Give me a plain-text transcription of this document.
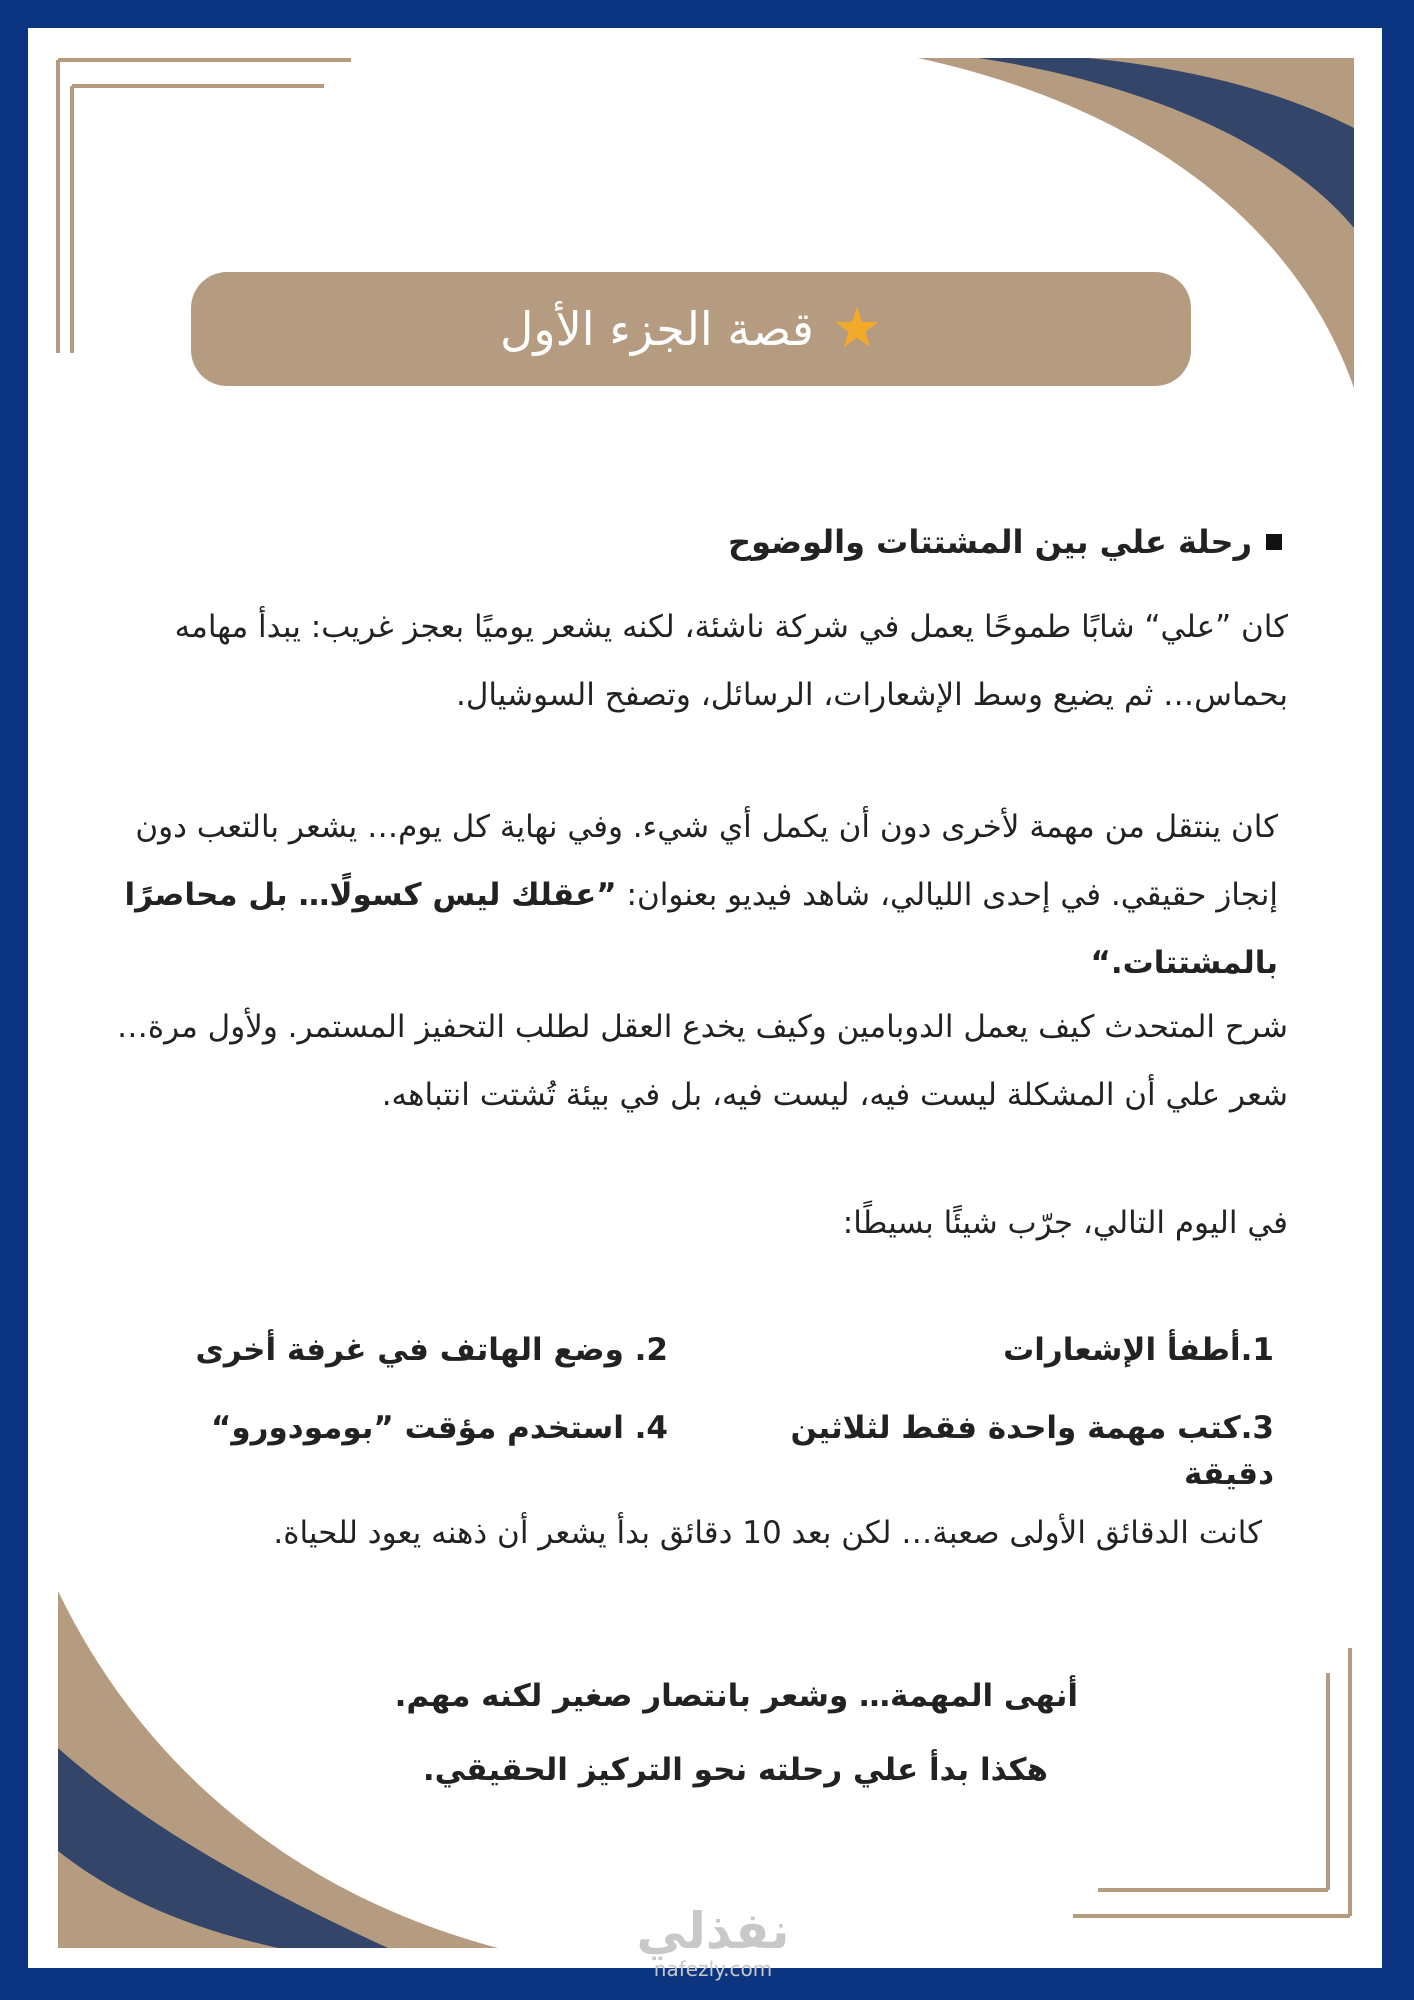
★
قصة الجزء الأول
رحلة علي بين المشتتات والوضوح
كان ”علي“ شابًا طموحًا يعمل في شركة ناشئة، لكنه يشعر يوميًا بعجز غريب: يبدأ مهامه بحماس… ثم يضيع وسط الإشعارات، الرسائل، وتصفح السوشيال.
كان ينتقل من مهمة لأخرى دون أن يكمل أي شيء. وفي نهاية كل يوم… يشعر بالتعب دون إنجاز حقيقي. في إحدى الليالي، شاهد فيديو بعنوان: ”عقلك ليس كسولًا… بل محاصرًا بالمشتتات.“
شرح المتحدث كيف يعمل الدوبامين وكيف يخدع العقل لطلب التحفيز المستمر. ولأول مرة… شعر علي أن المشكلة ليست فيه، ليست فيه، بل في بيئة تُشتت انتباهه.
في اليوم التالي، جرّب شيئًا بسيطًا:
1.أطفأ الإشعارات
2. وضع الهاتف في غرفة أخرى
3.كتب مهمة واحدة فقط لثلاثين دقيقة
4. استخدم مؤقت ”بومودورو“
كانت الدقائق الأولى صعبة… لكن بعد 10 دقائق بدأ يشعر أن ذهنه يعود للحياة.
أنهى المهمة… وشعر بانتصار صغير لكنه مهم.
هكذا بدأ علي رحلته نحو التركيز الحقيقي.
نفذلي
nafezly.com
